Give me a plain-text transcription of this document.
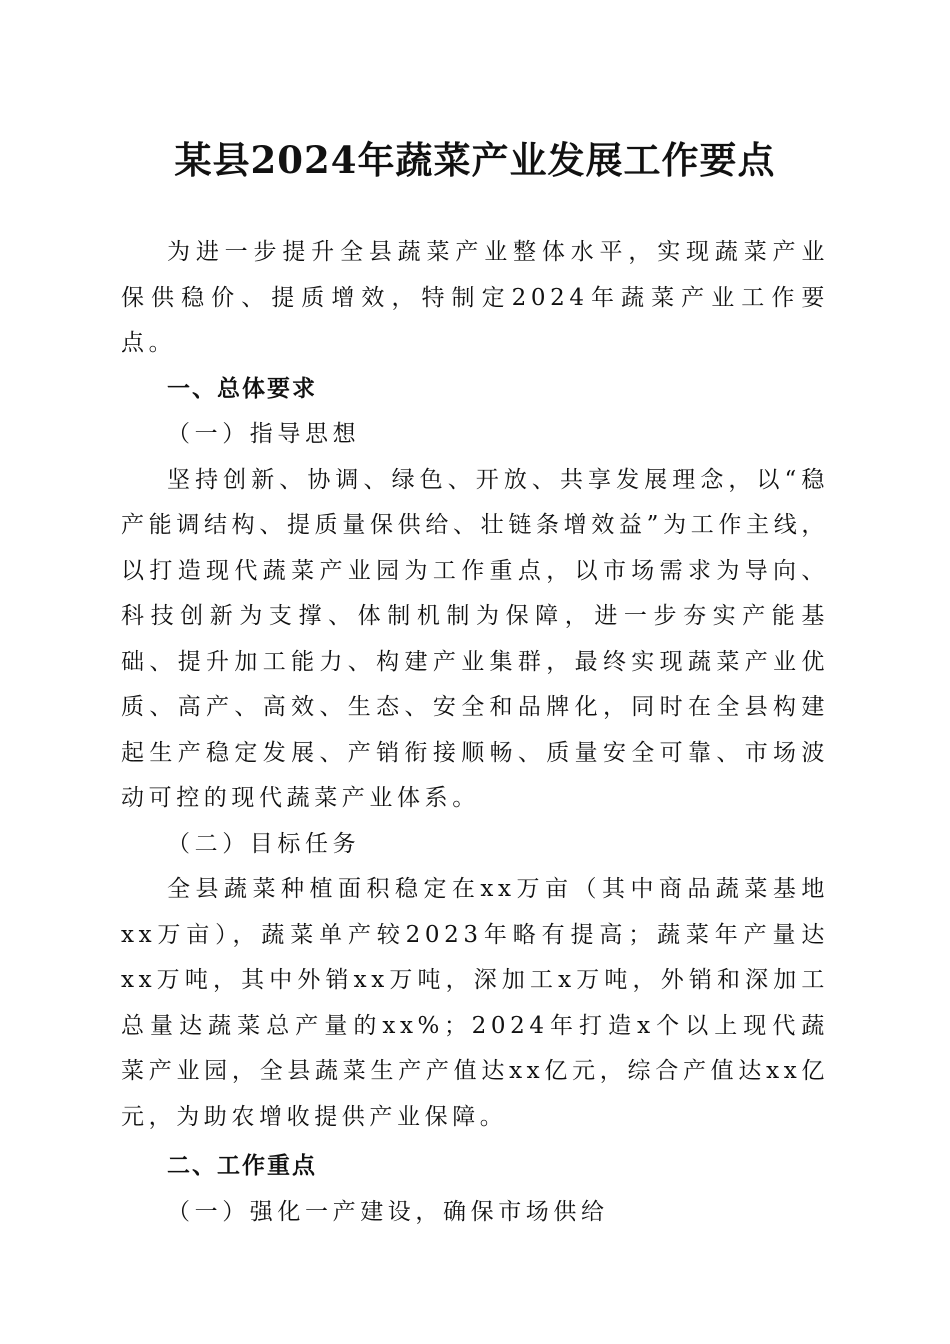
某县2024年蔬菜产业发展工作要点

为进一步提升全县蔬菜产业整体水平，实现蔬菜产业保供稳价、提质增效，特制定2024年蔬菜产业工作要点。

一、总体要求
（一）指导思想

坚持创新、协调、绿色、开放、共享发展理念，以“稳产能调结构、提质量保供给、壮链条增效益”为工作主线，以打造现代蔬菜产业园为工作重点，以市场需求为导向、科技创新为支撑、体制机制为保障，进一步夯实产能基础、提升加工能力、构建产业集群，最终实现蔬菜产业优质、高产、高效、生态、安全和品牌化，同时在全县构建起生产稳定发展、产销衔接顺畅、质量安全可靠、市场波动可控的现代蔬菜产业体系。

（二）目标任务

全县蔬菜种植面积稳定在xx万亩（其中商品蔬菜基地xx万亩），蔬菜单产较2023年略有提高；蔬菜年产量达xx万吨，其中外销xx万吨，深加工x万吨，外销和深加工总量达蔬菜总产量的xx%；2024年打造x个以上现代蔬菜产业园，全县蔬菜生产产值达xx亿元，综合产值达xx亿元，为助农增收提供产业保障。

二、工作重点
（一）强化一产建设，确保市场供给
